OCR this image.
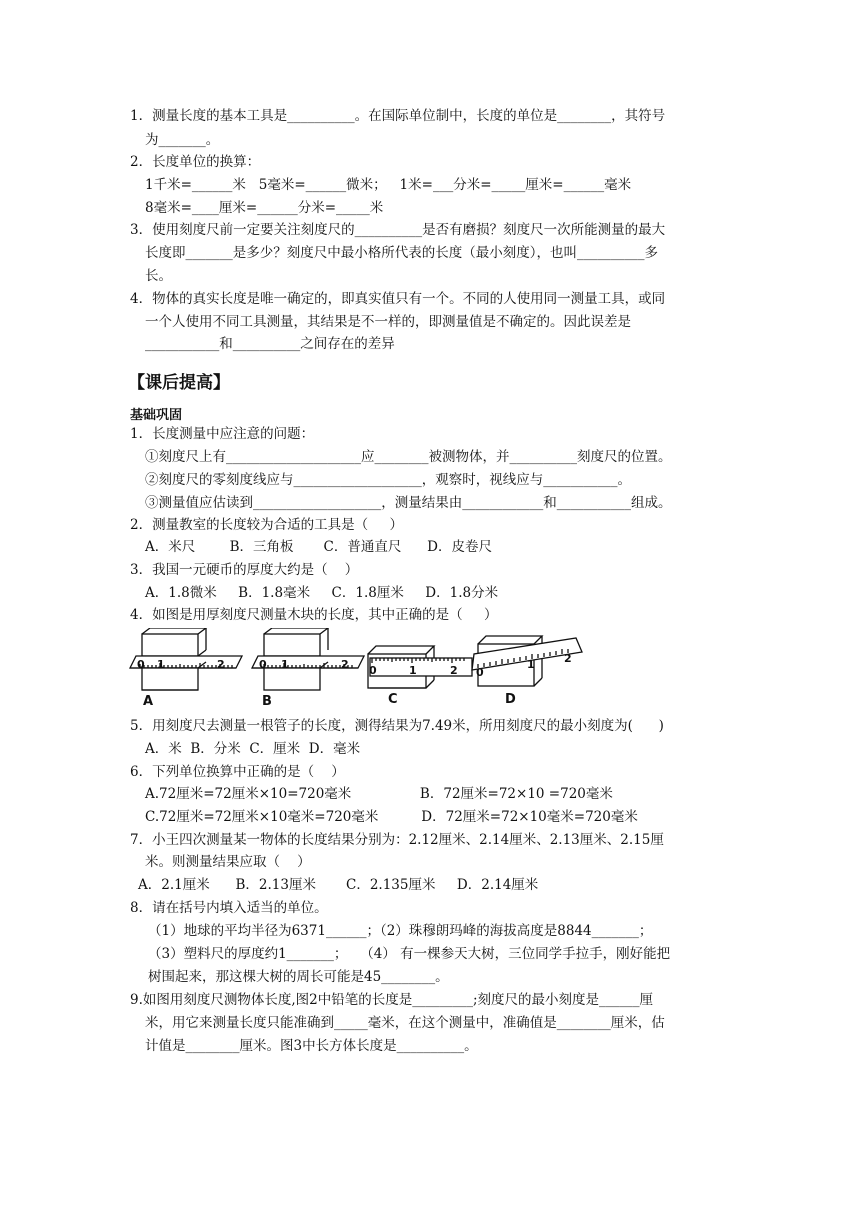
1．测量长度的基本工具是__________。在国际单位制中，长度的单位是________，其符号
为_______。
2．长度单位的换算：
1千米=______米   5毫米=______微米；   1米=___分米=_____厘米=______毫米
8毫米=____厘米=______分米=_____米
3．使用刻度尺前一定要关注刻度尺的__________是否有磨损？刻度尺一次所能测量的最大
长度即_______是多少？刻度尺中最小格所代表的长度（最小刻度），也叫__________多
长。
4．物体的真实长度是唯一确定的，即真实值只有一个。不同的人使用同一测量工具，或同
一个人使用不同工具测量，其结果是不一样的，即测量值是不确定的。因此误差是
___________和__________之间存在的差异
【课后提高】
基础巩固
1．长度测量中应注意的问题：
①刻度尺上有____________________应________被测物体，并__________刻度尺的位置。
②刻度尺的零刻度线应与___________________，观察时，视线应与___________。
③测量值应估读到___________________，测量结果由____________和___________组成。
2．测量教室的长度较为合适的工具是（     ）
A．米尺        B．三角板       C．普通直尺      D．皮卷尺
3．我国一元硬币的厚度大约是（    ）
A．1.8微米     B．1.8毫米     C．1.8厘米     D．1.8分米
4．如图是用厚刻度尺测量木块的长度，其中正确的是（     ）
0 1	2	0 1	2 0	1	2 0
1	2
A	B	C	D
5．用刻度尺去测量一根管子的长度，测得结果为7.49米，所用刻度尺的最小刻度为(      )
A．米  B．分米  C．厘米  D．毫米
6．下列单位换算中正确的是（    ）
A.72厘米=72厘米×10=720毫米                B．72厘米=72×10 =720毫米
C.72厘米=72厘米×10毫米=720毫米          D．72厘米=72×10毫米=720毫米
7．小王四次测量某一物体的长度结果分别为：2.12厘米、2.14厘米、2.13厘米、2.15厘
米。则测量结果应取（    ）
A．2.1厘米      B．2.13厘米       C．2.135厘米     D．2.14厘米
8．请在括号内填入适当的单位。
（1）地球的平均半径为6371______；（2）珠穆朗玛峰的海拔高度是8844_______；
（3）塑料尺的厚度约1_______；   （4） 有一棵参天大树，三位同学手拉手，刚好能把
树围起来，那这棵大树的周长可能是45________。
9.如图用刻度尺测物体长度,图2中铅笔的长度是_________;刻度尺的最小刻度是______厘
米，用它来测量长度只能准确到_____毫米，在这个测量中，准确值是________厘米，估
计值是________厘米。图3中长方体长度是__________。
